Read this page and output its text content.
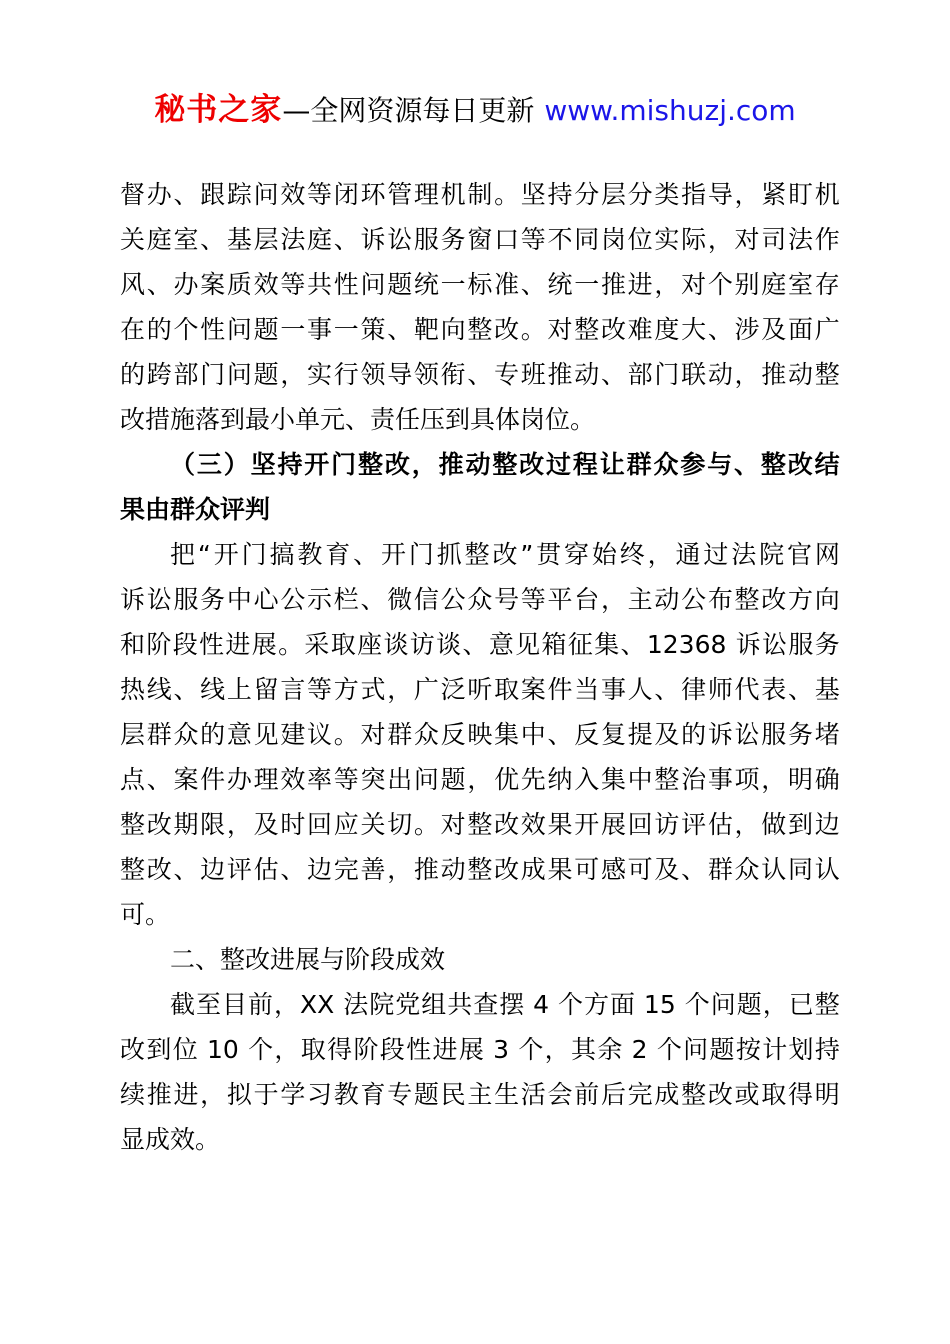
秘书之家—全网资源每日更新 www.mishuzj.com
督 办 、 跟 踪 问 效 等 闭 环 管 理 机 制 。 坚 持 分 层 分 类 指 导 ， 紧 盯 机
关 庭 室 、 基 层 法 庭 、 诉 讼 服 务 窗 口 等 不 同 岗 位 实 际 ， 对 司 法 作
风 、 办 案 质 效 等 共 性 问 题 统 一 标 准 、 统 一 推 进 ， 对 个 别 庭 室 存
在 的 个 性 问 题 一 事 一 策 、 靶 向 整 改 。 对 整 改 难 度 大 、 涉 及 面 广
的 跨 部 门 问 题 ， 实 行 领 导 领 衔 、 专 班 推 动 、 部 门 联 动 ， 推 动 整
改措施落到最小单元、责任压到具体岗位。
（ 三 ） 坚 持 开 门 整 改 ， 推 动 整 改 过 程 让 群 众 参 与 、 整 改 结
果由群众评判
把 “ 开 门 搞 教 育 、 开 门 抓 整 改 ” 贯 穿 始 终 ， 通 过 法 院 官 网
诉 讼 服 务 中 心 公 示 栏 、 微 信 公 众 号 等 平 台 ， 主 动 公 布 整 改 方 向
和 阶 段 性 进 展 。 采 取 座 谈 访 谈 、 意 见 箱 征 集 、 12368 诉 讼 服 务
热 线 、 线 上 留 言 等 方 式 ， 广 泛 听 取 案 件 当 事 人 、 律 师 代 表 、 基
层 群 众 的 意 见 建 议 。 对 群 众 反 映 集 中 、 反 复 提 及 的 诉 讼 服 务 堵
点 、 案 件 办 理 效 率 等 突 出 问 题 ， 优 先 纳 入 集 中 整 治 事 项 ， 明 确
整 改 期 限 ， 及 时 回 应 关 切 。 对 整 改 效 果 开 展 回 访 评 估 ， 做 到 边
整 改 、 边 评 估 、 边 完 善 ， 推 动 整 改 成 果 可 感 可 及 、 群 众 认 同 认
可。
二、整改进展与阶段成效
截 至 目 前 ， XX 法 院 党 组 共 查 摆 4 个 方 面 15 个 问 题 ， 已 整
改 到 位 10 个 ， 取 得 阶 段 性 进 展 3 个 ， 其 余 2 个 问 题 按 计 划 持
续 推 进 ， 拟 于 学 习 教 育 专 题 民 主 生 活 会 前 后 完 成 整 改 或 取 得 明
显成效。
